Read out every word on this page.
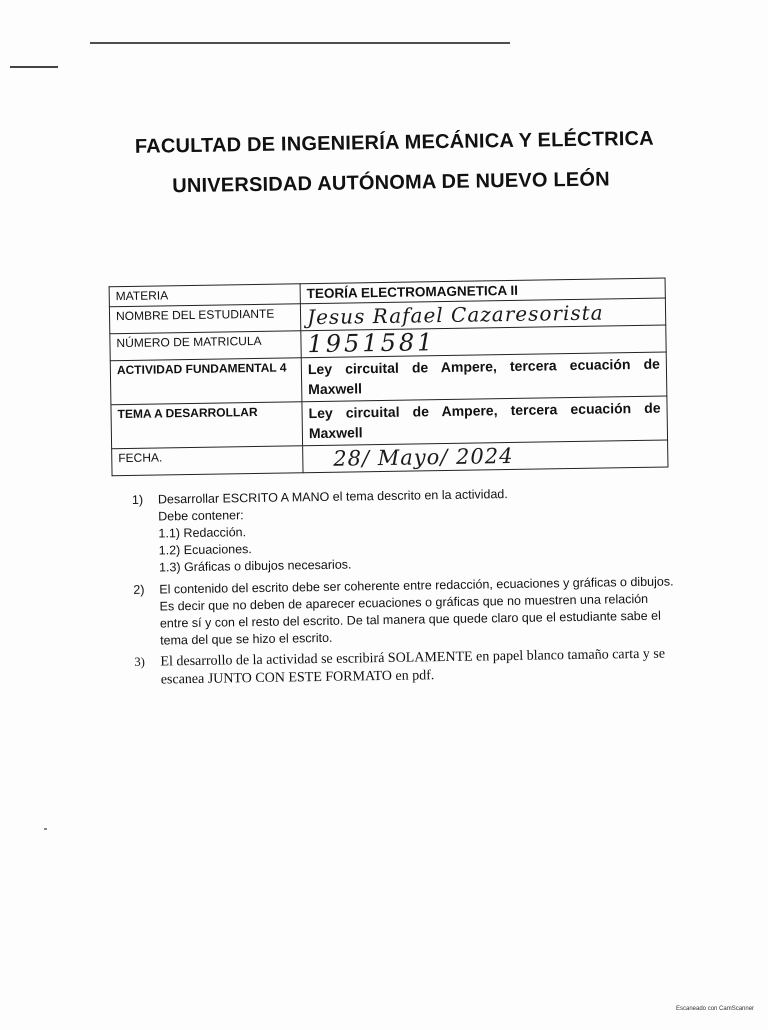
FACULTAD DE INGENIERÍA MECÁNICA Y ELÉCTRICA
UNIVERSIDAD AUTÓNOMA DE NUEVO LEÓN
MATERIA	TEORÍA ELECTROMAGNETICA II
NOMBRE DEL ESTUDIANTE	Jesus Rafael Cazaresorista
NÚMERO DE MATRICULA	1951581
ACTIVIDAD FUNDAMENTAL 4	Ley circuital de Ampere, tercera ecuación de Maxwell
TEMA A DESARROLLAR	Ley circuital de Ampere, tercera ecuación de Maxwell
FECHA.	28/ Mayo/ 2024
1)	Desarrollar ESCRITO A MANO el tema descrito en la actividad.
Debe contener:
1.1) Redacción.
1.2) Ecuaciones.
1.3) Gráficas o dibujos necesarios.
2)	El contenido del escrito debe ser coherente entre redacción, ecuaciones y gráficas o dibujos. Es decir que no deben de aparecer ecuaciones o gráficas que no muestren una relación entre sí y con el resto del escrito. De tal manera que quede claro que el estudiante sabe el tema del que se hizo el escrito.
3)	El desarrollo de la actividad se escribirá SOLAMENTE en papel blanco tamaño carta y se escanea JUNTO CON ESTE FORMATO en pdf.
Escaneado con CamScanner
